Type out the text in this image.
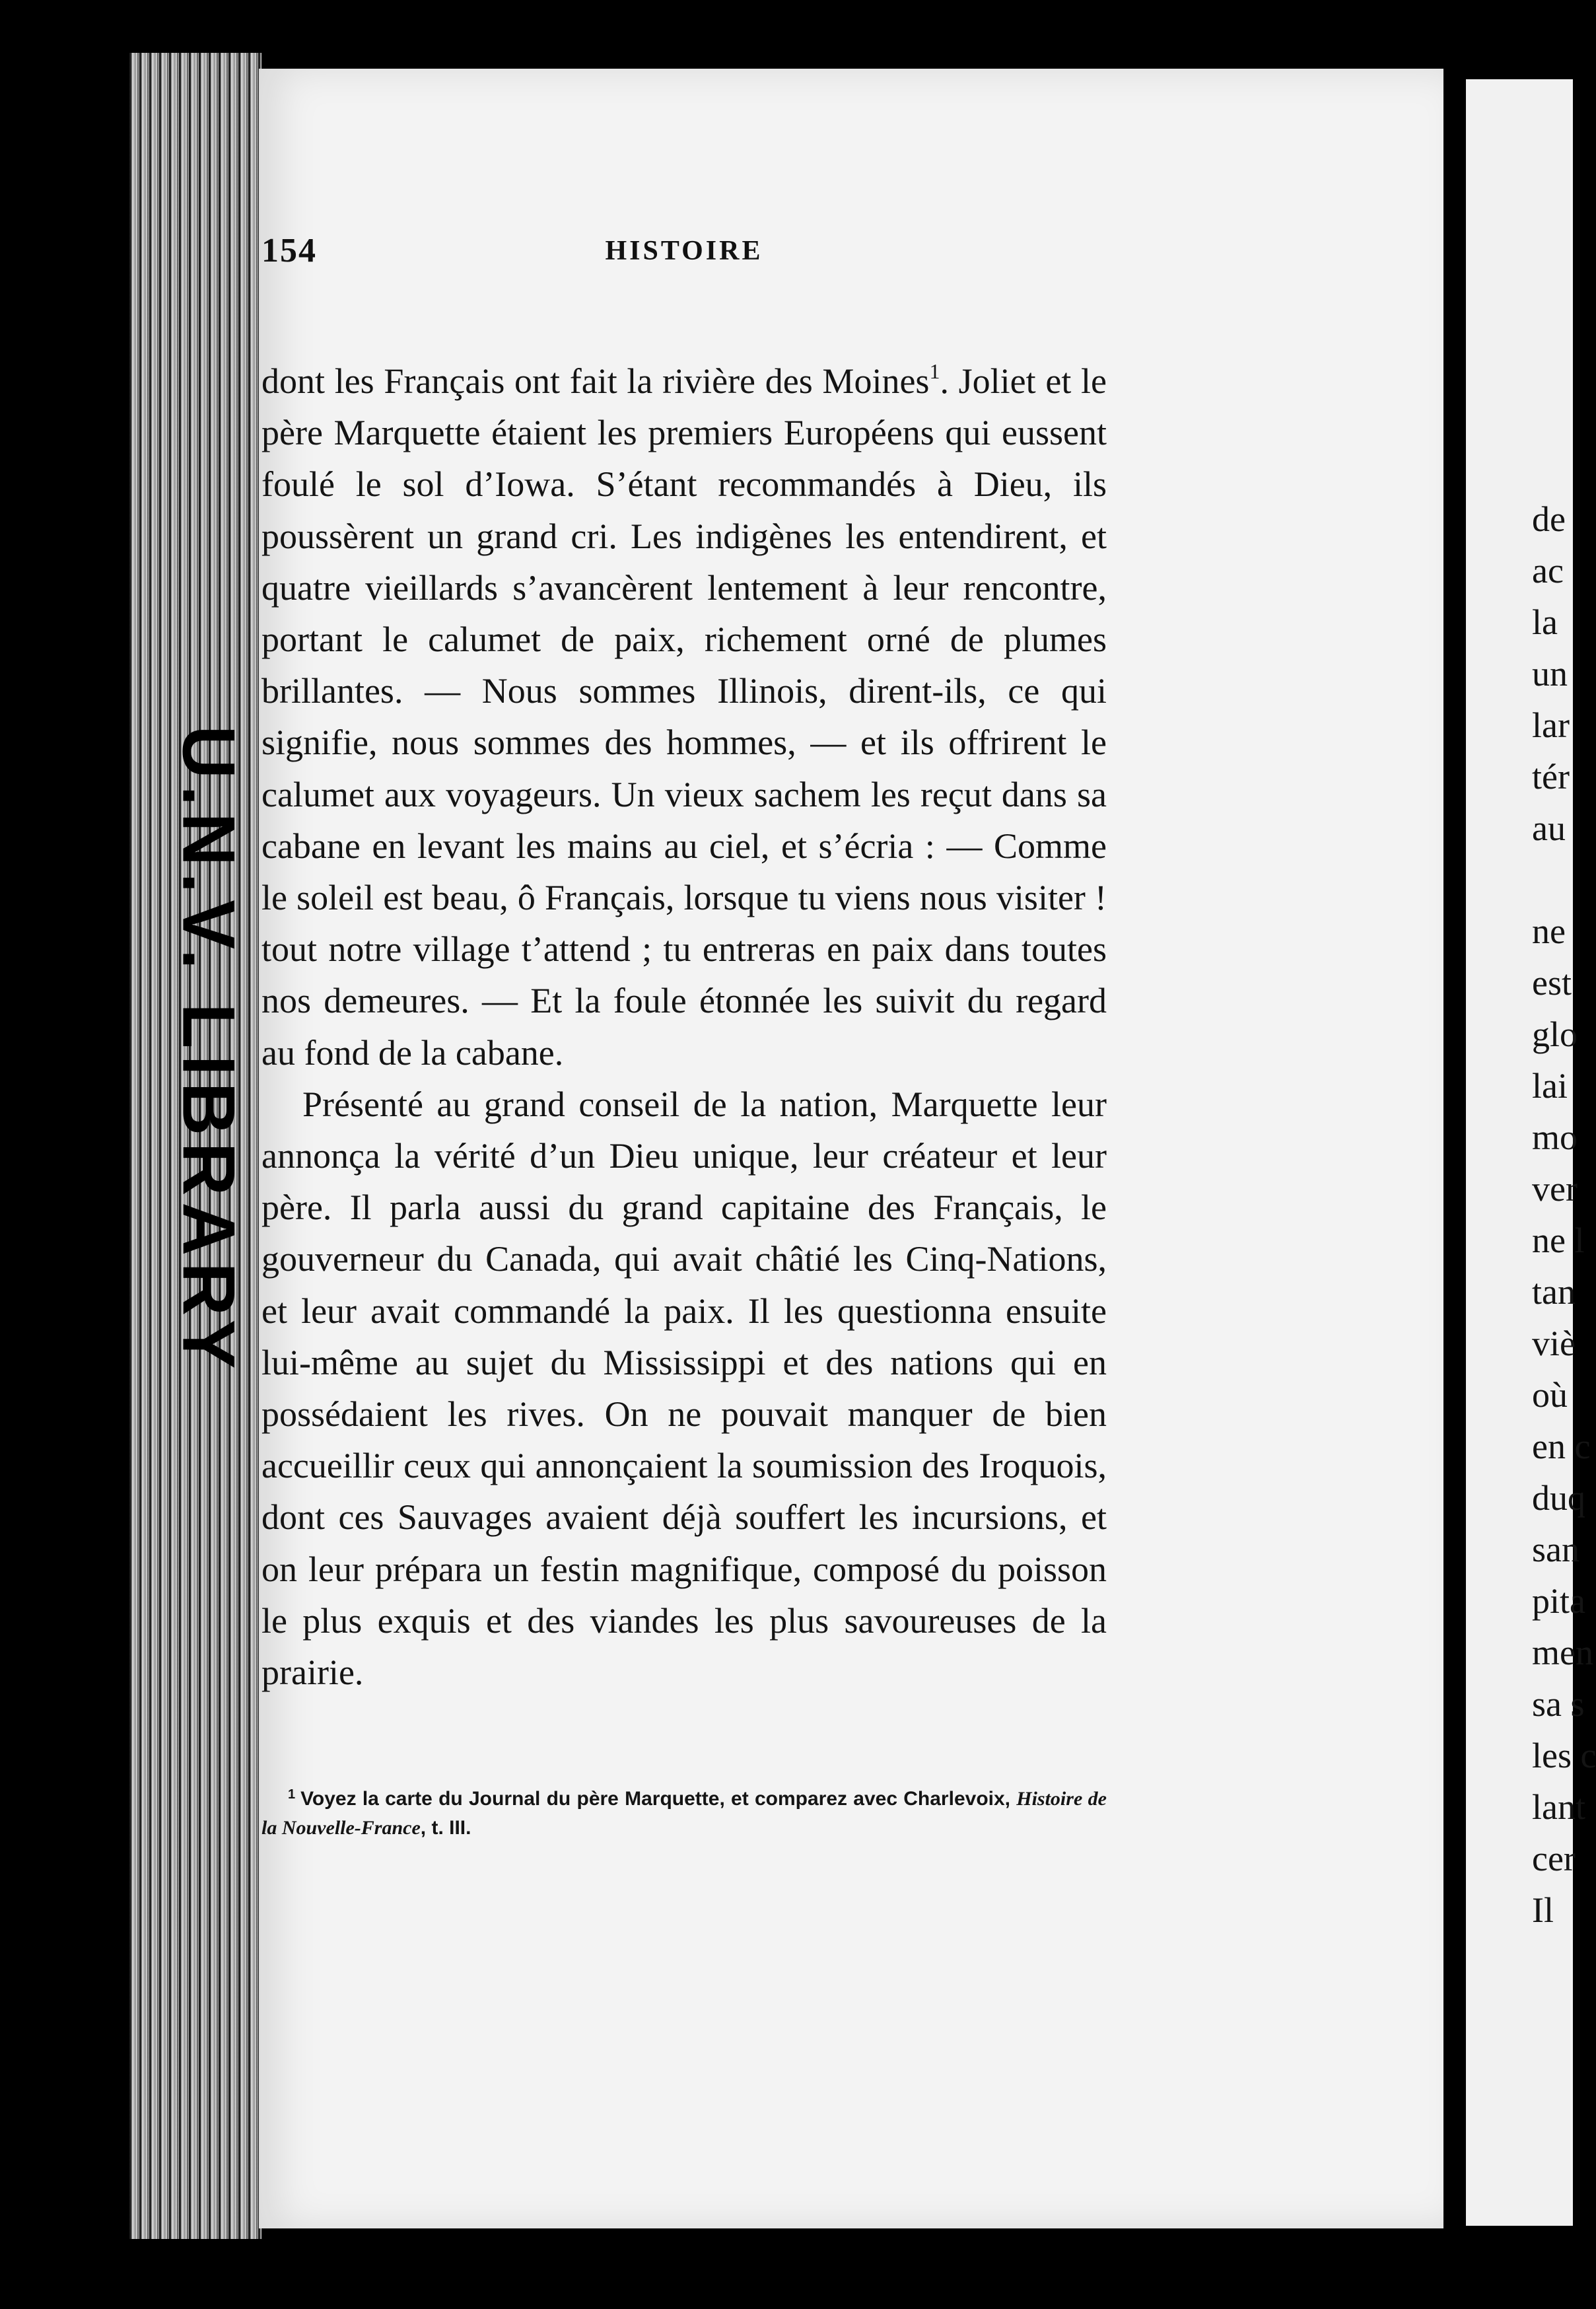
U.N.V. LIBRARY
154	HISTOIRE

dont les Français ont fait la rivière des Moines$^1$. Joliet et le père Marquette étaient les premiers Européens qui eussent foulé le sol d’Iowa. S’étant recommandés à Dieu, ils poussèrent un grand cri. Les indigènes les entendirent, et quatre vieillards s’avancèrent lentement à leur rencontre, portant le calumet de paix, richement orné de plumes brillantes. — Nous sommes Illinois, dirent-ils, ce qui signifie, nous sommes des hommes, — et ils offrirent le calumet aux voyageurs. Un vieux sachem les reçut dans sa cabane en levant les mains au ciel, et s’écria : — Comme le soleil est beau, ô Français, lorsque tu viens nous visiter ! tout notre village t’attend ; tu entreras en paix dans toutes nos demeures. — Et la foule étonnée les suivit du regard au fond de la cabane.

Présenté au grand conseil de la nation, Marquette leur annonça la vérité d’un Dieu unique, leur créateur et leur père. Il parla aussi du grand capitaine des Français, le gouverneur du Canada, qui avait châtié les Cinq-Nations, et leur avait commandé la paix. Il les questionna ensuite lui-même au sujet du Mississippi et des nations qui en possédaient les rives. On ne pouvait manquer de bien accueillir ceux qui annonçaient la soumission des Iroquois, dont ces Sauvages avaient déjà souffert les incursions, et on leur prépara un festin magnifique, composé du poisson le plus exquis et des viandes les plus savoureuses de la prairie.

$^1$ Voyez la carte du Journal du père Marquette, et comparez avec Charlevoix, Histoire de la Nouvelle-France, t. III.
de
ac
la
un
lar
tér
au
ne
est
glo
lai
mo
ver
ne l
tan
viè
où
en c
duq
san
pita
men
sa s
les c
lant
cer
Il
